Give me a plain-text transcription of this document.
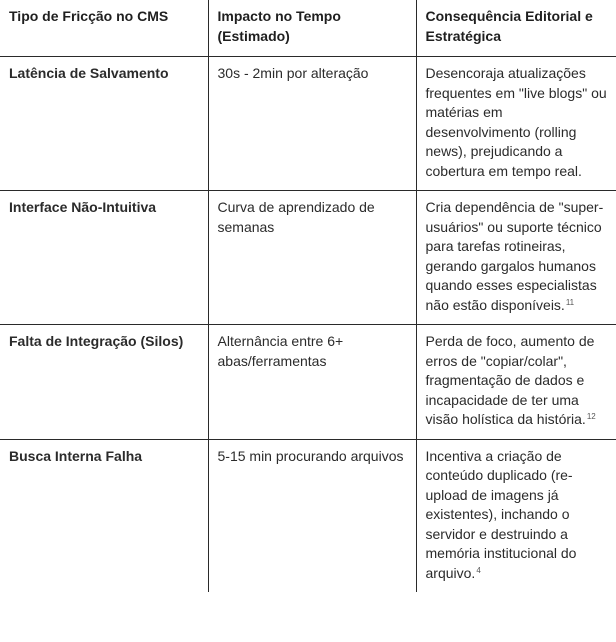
Tipo de Fricção no CMS	Impacto no Tempo (Estimado)	Consequência Editorial e Estratégica
Latência de Salvamento	30s - 2min por alteração	Desencoraja atualizações frequentes em "live blogs" ou matérias em desenvolvimento (rolling news), prejudicando a cobertura em tempo real.
Interface Não-Intuitiva	Curva de aprendizado de semanas	Cria dependência de "super-usuários" ou suporte técnico para tarefas rotineiras, gerando gargalos humanos quando esses especialistas não estão disponíveis.$^{11}$
Falta de Integração (Silos)	Alternância entre 6+ abas/ferramentas	Perda de foco, aumento de erros de "copiar/colar", fragmentação de dados e incapacidade de ter uma visão holística da história.$^{12}$
Busca Interna Falha	5-15 min procurando arquivos	Incentiva a criação de conteúdo duplicado (re-upload de imagens já existentes), inchando o servidor e destruindo a memória institucional do arquivo.$^4$
